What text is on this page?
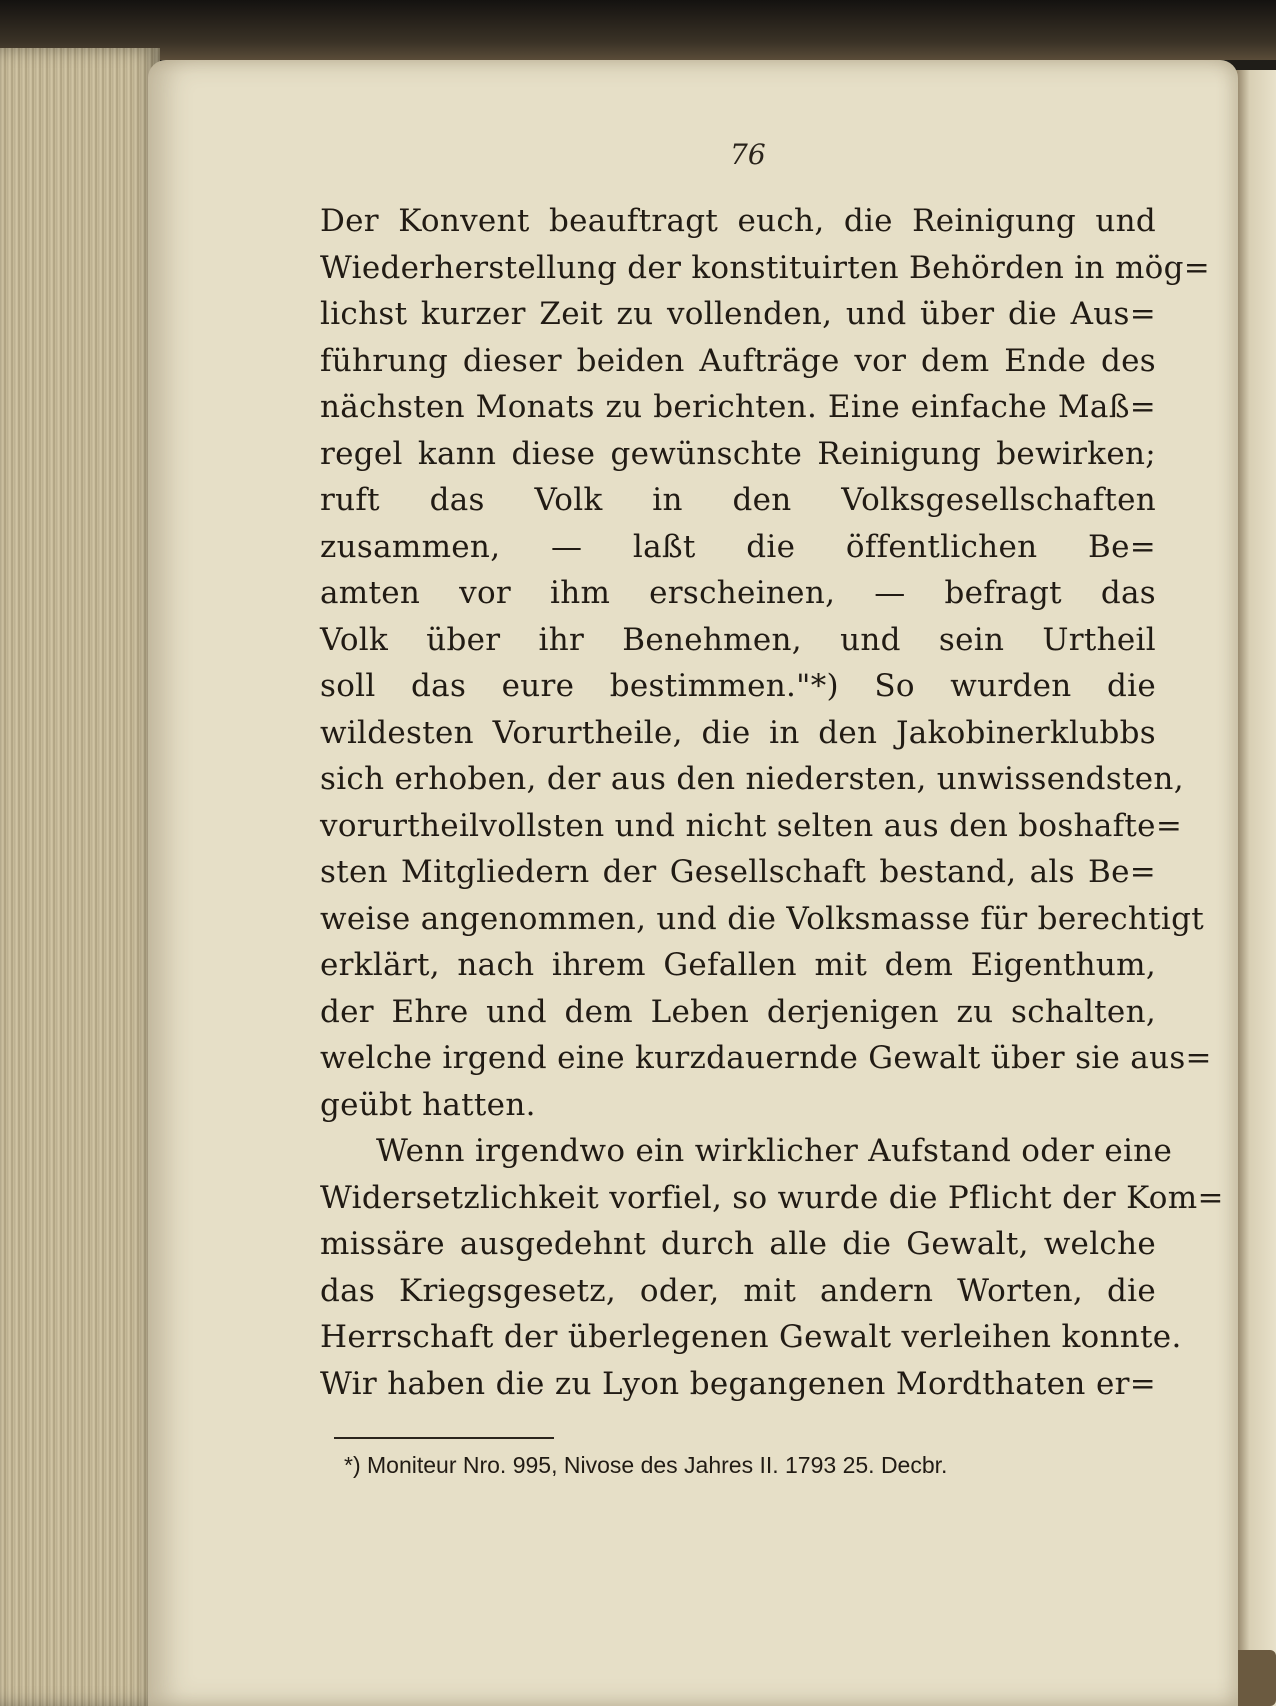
76
Der Konvent beauftragt euch, die Reinigung und
Wiederherstellung der konstituirten Behörden in mög=
lichst kurzer Zeit zu vollenden, und über die Aus=
führung dieser beiden Aufträge vor dem Ende des
nächsten Monats zu berichten. Eine einfache Maß=
regel kann diese gewünschte Reinigung bewirken;
ruft das Volk in den Volksgesellschaften
zusammen, — laßt die öffentlichen Be=
amten vor ihm erscheinen, — befragt das
Volk über ihr Benehmen, und sein Urtheil
soll das eure bestimmen."*) So wurden die
wildesten Vorurtheile, die in den Jakobinerklubbs
sich erhoben, der aus den niedersten, unwissendsten,
vorurtheilvollsten und nicht selten aus den boshafte=
sten Mitgliedern der Gesellschaft bestand, als Be=
weise angenommen, und die Volksmasse für berechtigt
erklärt, nach ihrem Gefallen mit dem Eigenthum,
der Ehre und dem Leben derjenigen zu schalten,
welche irgend eine kurzdauernde Gewalt über sie aus=
geübt hatten.
Wenn irgendwo ein wirklicher Aufstand oder eine
Widersetzlichkeit vorfiel, so wurde die Pflicht der Kom=
missäre ausgedehnt durch alle die Gewalt, welche
das Kriegsgesetz, oder, mit andern Worten, die
Herrschaft der überlegenen Gewalt verleihen konnte.
Wir haben die zu Lyon begangenen Mordthaten er=
*) Moniteur Nro. 995, Nivose des Jahres II. 1793 25. Decbr.
